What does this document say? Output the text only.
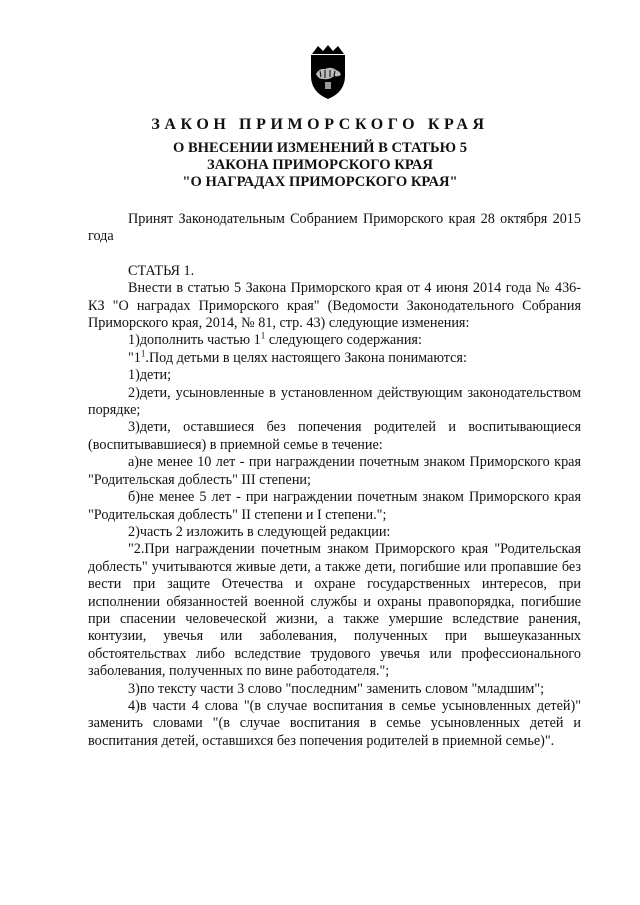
ЗАКОН ПРИМОРСКОГО КРАЯ
О ВНЕСЕНИИ ИЗМЕНЕНИЙ В СТАТЬЮ 5
ЗАКОНА ПРИМОРСКОГО КРАЯ
"О НАГРАДАХ ПРИМОРСКОГО КРАЯ"

Принят Законодательным Собранием Приморского края 28 октября 2015 года

СТАТЬЯ 1.

Внести в статью 5 Закона Приморского края от 4 июня 2014 года № 436-КЗ "О наградах Приморского края" (Ведомости Законодательного Собрания Приморского края, 2014, № 81, стр. 43) следующие изменения:

1)дополнить частью $1^1$ следующего содержания:

"$1^1.Под$ детьми в целях настоящего Закона понимаются:

1)дети;

2)дети, усыновленные в установленном действующим законодательством порядке;

3)дети, оставшиеся без попечения родителей и воспитывающиеся (воспитывавшиеся) в приемной семье в течение:

а)не менее 10 лет - при награждении почетным знаком Приморского края "Родительская доблесть" III степени;

б)не менее 5 лет - при награждении почетным знаком Приморского края "Родительская доблесть" II степени и I степени.";

2)часть 2 изложить в следующей редакции:

"2.При награждении почетным знаком Приморского края "Родительская доблесть" учитываются живые дети, а также дети, погибшие или пропавшие без вести при защите Отечества и охране государственных интересов, при исполнении обязанностей военной службы и охраны правопорядка, погибшие при спасении человеческой жизни, а также умершие вследствие ранения, контузии, увечья или заболевания, полученных при вышеуказанных обстоятельствах либо вследствие трудового увечья или профессионального заболевания, полученных по вине работодателя.";

3)по тексту части 3 слово "последним" заменить словом "младшим";

4)в части 4 слова "(в случае воспитания в семье усыновленных детей)" заменить словами "(в случае воспитания в семье усыновленных детей и воспитания детей, оставшихся без попечения родителей в приемной семье)".
